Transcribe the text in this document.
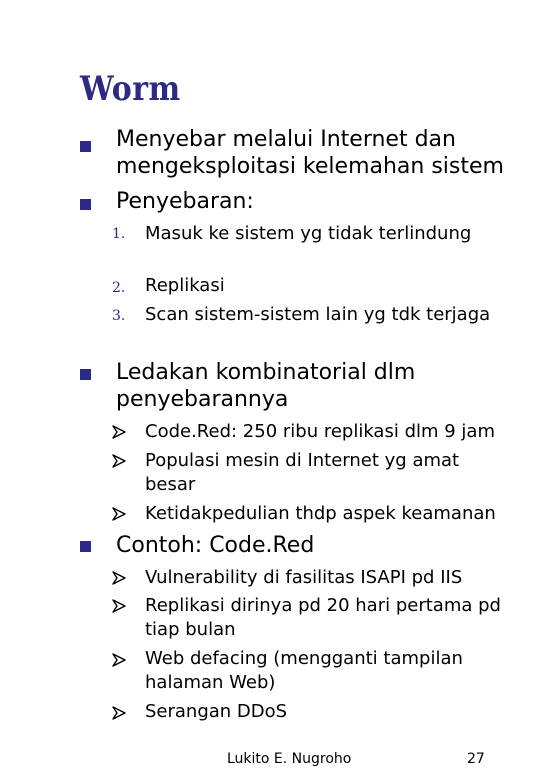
Worm
Menyebar melalui Internet dan mengeksploitasi kelemahan sistem
Penyebaran:
1. Masuk ke sistem yg tidak terlindung
2. Replikasi
3. Scan sistem-sistem lain yg tdk terjaga
Ledakan kombinatorial dlm penyebarannya
Code.Red: 250 ribu replikasi dlm 9 jam
Populasi mesin di Internet yg amat besar
Ketidakpedulian thdp aspek keamanan
Contoh: Code.Red
Vulnerability di fasilitas ISAPI pd IIS
Replikasi dirinya pd 20 hari pertama pd tiap bulan
Web defacing (mengganti tampilan halaman Web)
Serangan DDoS
Lukito E. Nugroho	27
